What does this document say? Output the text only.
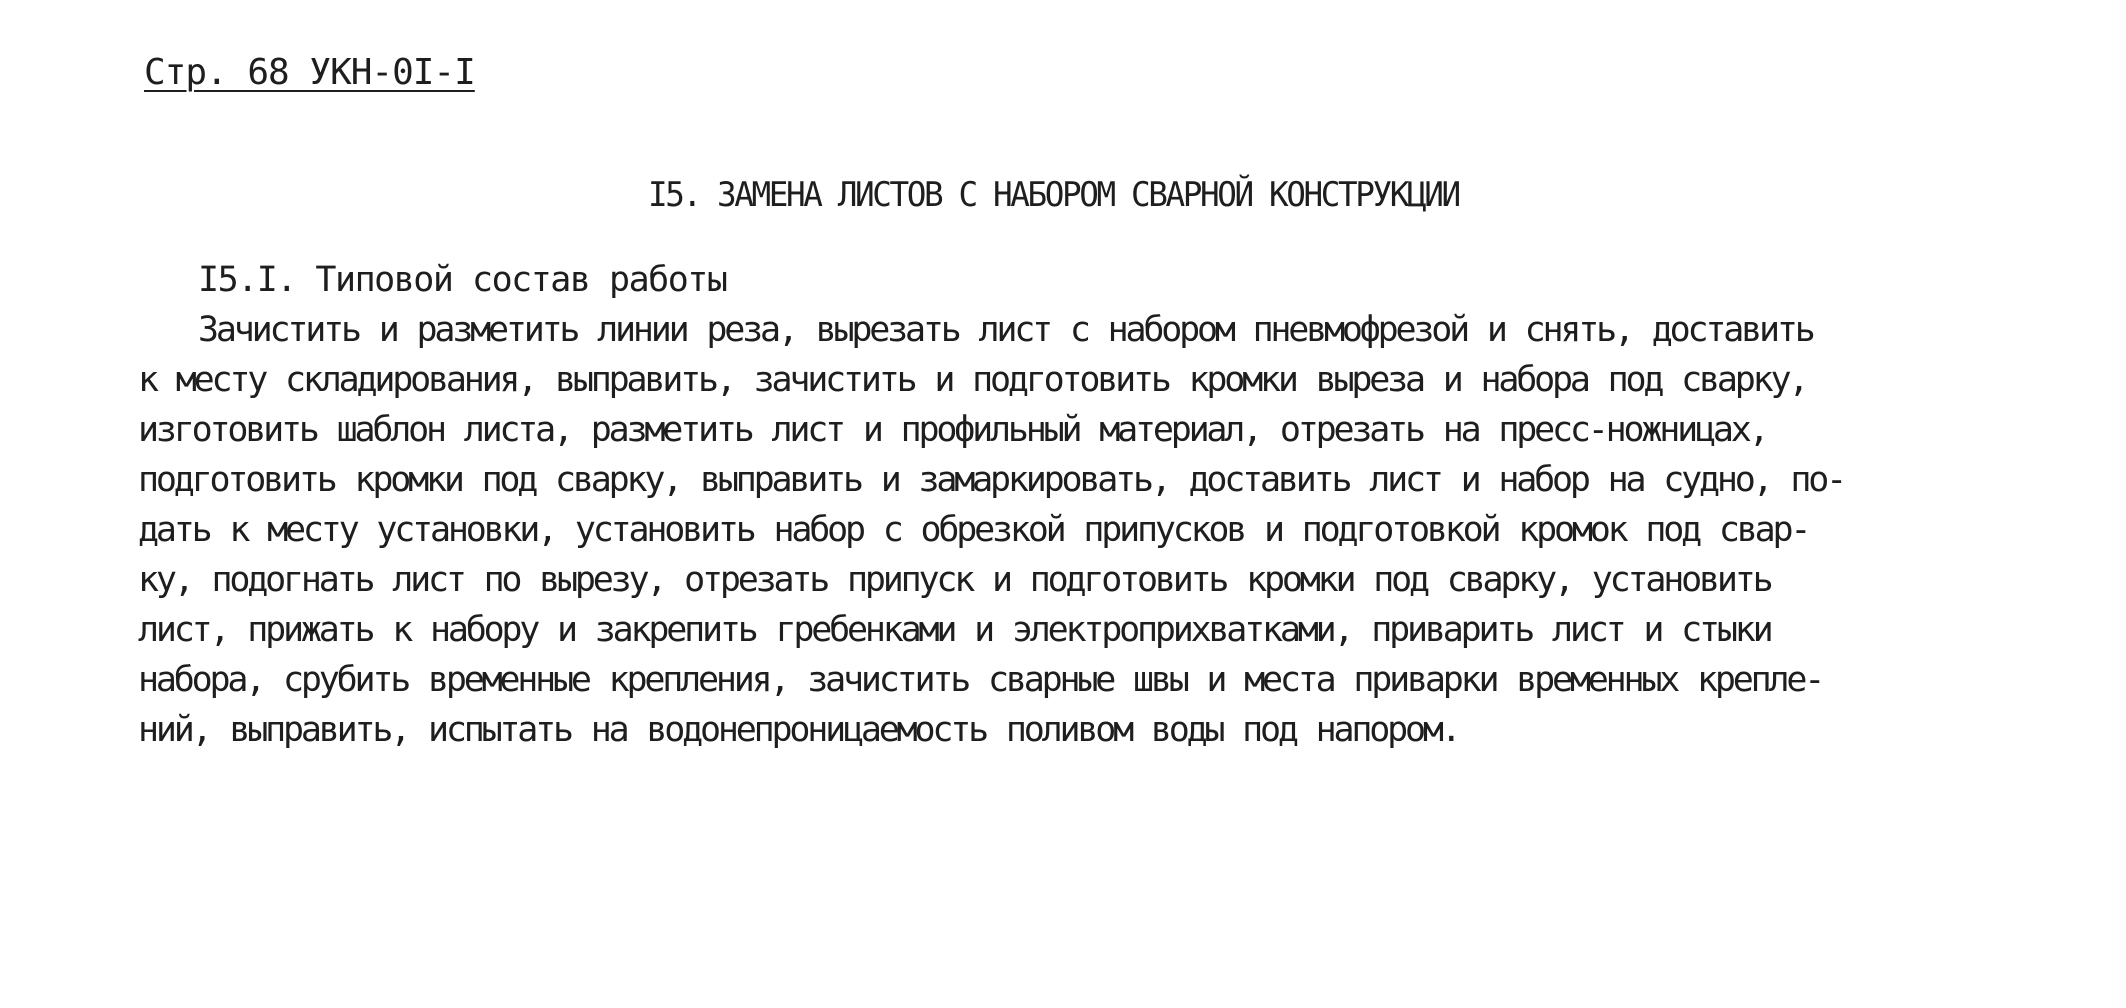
Стр. 68 УКН-0I-I
I5. ЗАМЕНА ЛИСТОВ С НАБОРОМ СВАРНОЙ КОНСТРУКЦИИ
I5.I. Типовой состав работы
Зачистить и разметить линии реза, вырезать лист с набором пневмофрезой и снять, доставить
к месту складирования, выправить, зачистить и подготовить кромки выреза и набора под сварку,
изготовить шаблон листа, разметить лист и профильный материал, отрезать на пресс-ножницах,
подготовить кромки под сварку, выправить и замаркировать, доставить лист и набор на судно, по-
дать к месту установки, установить набор с обрезкой припусков и подготовкой кромок под свар-
ку, подогнать лист по вырезу, отрезать припуск и подготовить кромки под сварку, установить
лист, прижать к набору и закрепить гребенками и электроприхватками, приварить лист и стыки
набора, срубить временные крепления, зачистить сварные швы и места приварки временных крепле-
ний, выправить, испытать на водонепроницаемость поливом воды под напором.
